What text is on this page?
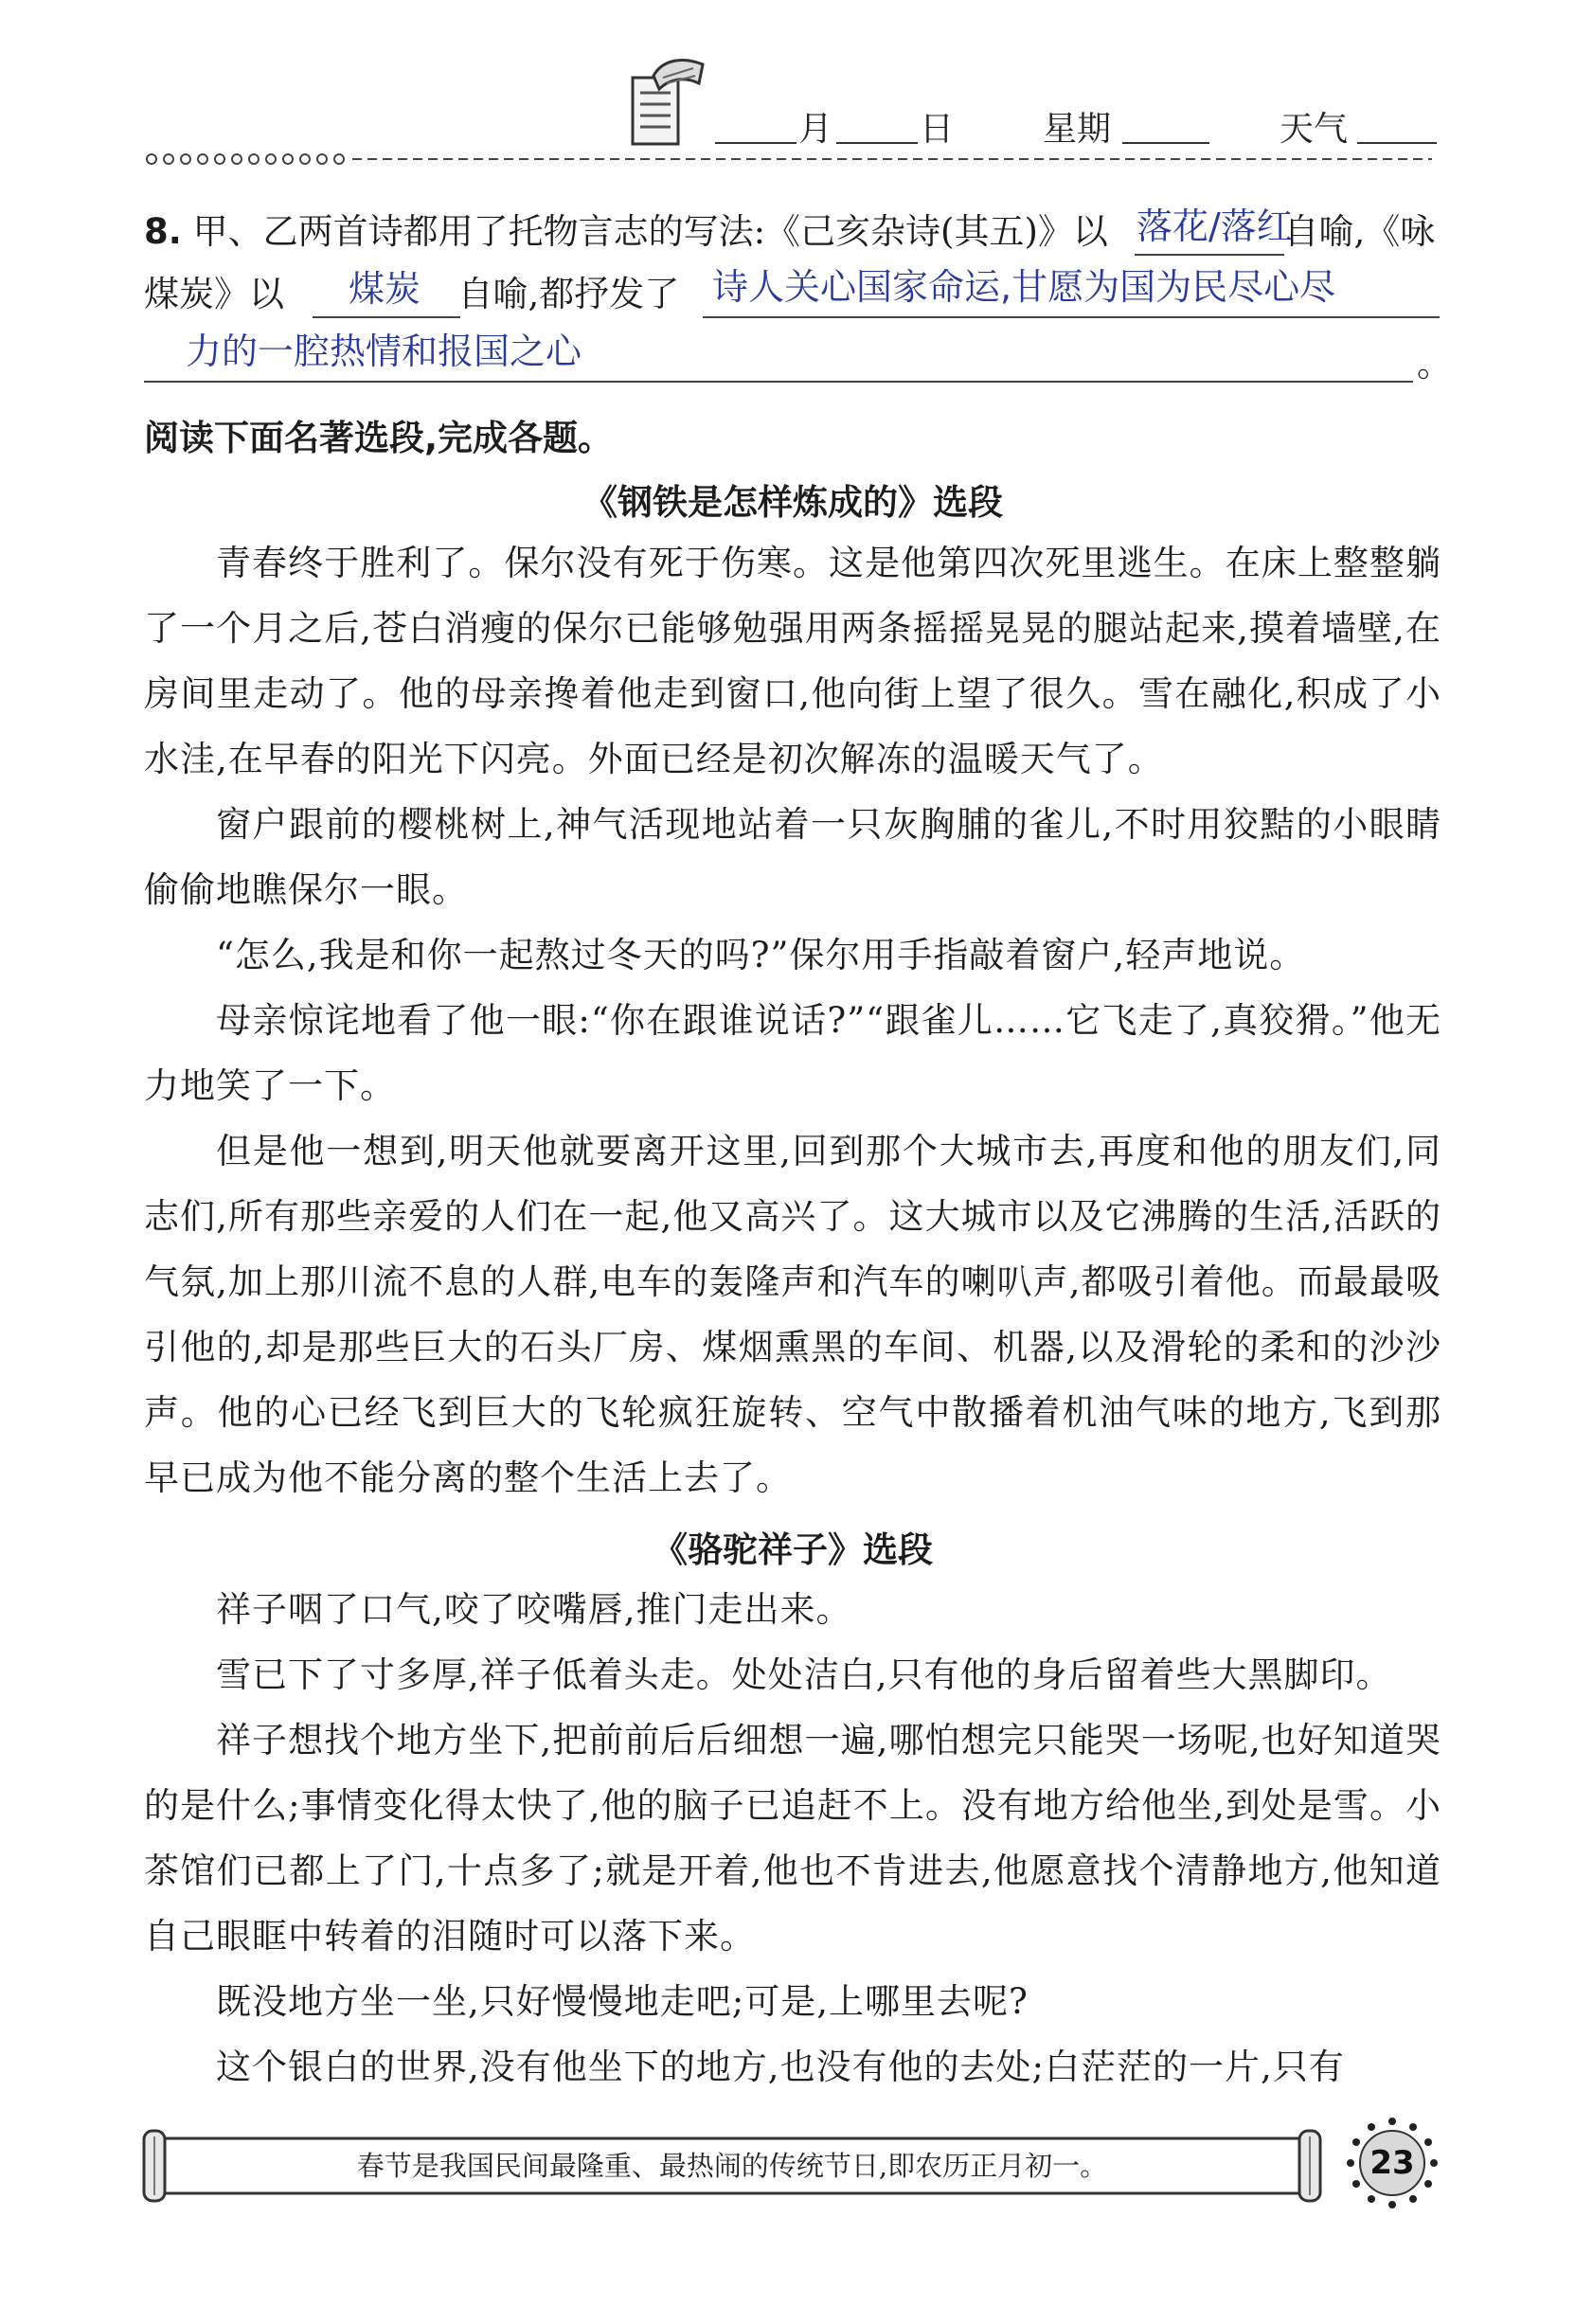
月	日	星期	天气
8. 甲、乙两首诗都用了托物言志的写法:《己亥杂诗(其五)》以	自喻,《咏
落花/落红
煤炭》以	自喻,都抒发了
煤炭	诗人关心国家命运,甘愿为国为民尽心尽
力的一腔热情和报国之心	。
阅读下面名著选段,完成各题。
《钢铁是怎样炼成的》选段

青春终于胜利了。保尔没有死于伤寒。这是他第四次死里逃生。在床上整整躺了一个月之后,苍白消瘦的保尔已能够勉强用两条摇摇晃晃的腿站起来,摸着墙壁,在房间里走动了。他的母亲搀着他走到窗口,他向街上望了很久。雪在融化,积成了小水洼,在早春的阳光下闪亮。外面已经是初次解冻的温暖天气了。

窗户跟前的樱桃树上,神气活现地站着一只灰胸脯的雀儿,不时用狡黠的小眼睛偷偷地瞧保尔一眼。

“怎么,我是和你一起熬过冬天的吗?”保尔用手指敲着窗户,轻声地说。

母亲惊诧地看了他一眼:“你在跟谁说话?”“跟雀儿……它飞走了,真狡猾。”他无力地笑了一下。

但是他一想到,明天他就要离开这里,回到那个大城市去,再度和他的朋友们,同志们,所有那些亲爱的人们在一起,他又高兴了。这大城市以及它沸腾的生活,活跃的气氛,加上那川流不息的人群,电车的轰隆声和汽车的喇叭声,都吸引着他。而最最吸引他的,却是那些巨大的石头厂房、煤烟熏黑的车间、机器,以及滑轮的柔和的沙沙声。他的心已经飞到巨大的飞轮疯狂旋转、空气中散播着机油气味的地方,飞到那早已成为他不能分离的整个生活上去了。

《骆驼祥子》选段

祥子咽了口气,咬了咬嘴唇,推门走出来。

雪已下了寸多厚,祥子低着头走。处处洁白,只有他的身后留着些大黑脚印。

祥子想找个地方坐下,把前前后后细想一遍,哪怕想完只能哭一场呢,也好知道哭的是什么;事情变化得太快了,他的脑子已追赶不上。没有地方给他坐,到处是雪。小茶馆们已都上了门,十点多了;就是开着,他也不肯进去,他愿意找个清静地方,他知道自己眼眶中转着的泪随时可以落下来。

既没地方坐一坐,只好慢慢地走吧;可是,上哪里去呢?

这个银白的世界,没有他坐下的地方,也没有他的去处;白茫茫的一片,只有

春节是我国民间最隆重、最热闹的传统节日,即农历正月初一。	23
